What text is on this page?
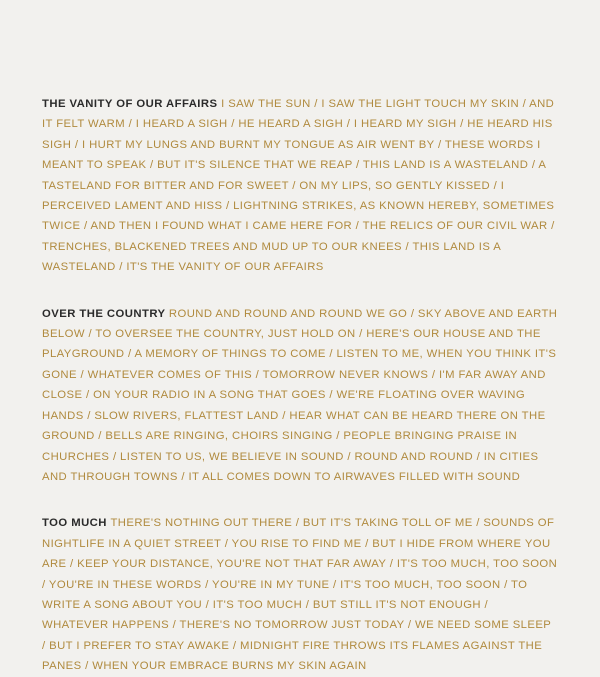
THE VANITY OF OUR AFFAIRS I SAW THE SUN / I SAW THE LIGHT TOUCH MY SKIN / AND IT FELT WARM / I HEARD A SIGH / HE HEARD A SIGH / I HEARD MY SIGH / HE HEARD HIS SIGH / I HURT MY LUNGS AND BURNT MY TONGUE AS AIR WENT BY / THESE WORDS I MEANT TO SPEAK / BUT IT'S SILENCE THAT WE REAP / THIS LAND IS A WASTELAND / A TASTELAND FOR BITTER AND FOR SWEET / ON MY LIPS, SO GENTLY KISSED / I PERCEIVED LAMENT AND HISS / LIGHTNING STRIKES, AS KNOWN HEREBY, SOMETIMES TWICE / AND THEN I FOUND WHAT I CAME HERE FOR / THE RELICS OF OUR CIVIL WAR / TRENCHES, BLACKENED TREES AND MUD UP TO OUR KNEES / THIS LAND IS A WASTELAND / IT'S THE VANITY OF OUR AFFAIRS

OVER THE COUNTRY ROUND AND ROUND AND ROUND WE GO / SKY ABOVE AND EARTH BELOW / TO OVERSEE THE COUNTRY, JUST HOLD ON / HERE'S OUR HOUSE AND THE PLAYGROUND / A MEMORY OF THINGS TO COME / LISTEN TO ME, WHEN YOU THINK IT'S GONE / WHATEVER COMES OF THIS / TOMORROW NEVER KNOWS / I'M FAR AWAY AND CLOSE / ON YOUR RADIO IN A SONG THAT GOES / WE'RE FLOATING OVER WAVING HANDS / SLOW RIVERS, FLATTEST LAND / HEAR WHAT CAN BE HEARD THERE ON THE GROUND / BELLS ARE RINGING, CHOIRS SINGING / PEOPLE BRINGING PRAISE IN CHURCHES / LISTEN TO US, WE BELIEVE IN SOUND / ROUND AND ROUND / IN CITIES AND THROUGH TOWNS / IT ALL COMES DOWN TO AIRWAVES FILLED WITH SOUND

TOO MUCH THERE'S NOTHING OUT THERE / BUT IT'S TAKING TOLL OF ME / SOUNDS OF NIGHTLIFE IN A QUIET STREET / YOU RISE TO FIND ME / BUT I HIDE FROM WHERE YOU ARE / KEEP YOUR DISTANCE, YOU'RE NOT THAT FAR AWAY / IT'S TOO MUCH, TOO SOON / YOU'RE IN THESE WORDS / YOU'RE IN MY TUNE / IT'S TOO MUCH, TOO SOON / TO WRITE A SONG ABOUT YOU / IT'S TOO MUCH / BUT STILL IT'S NOT ENOUGH / WHATEVER HAPPENS / THERE'S NO TOMORROW JUST TODAY / WE NEED SOME SLEEP / BUT I PREFER TO STAY AWAKE / MIDNIGHT FIRE THROWS ITS FLAMES AGAINST THE PANES / WHEN YOUR EMBRACE BURNS MY SKIN AGAIN
